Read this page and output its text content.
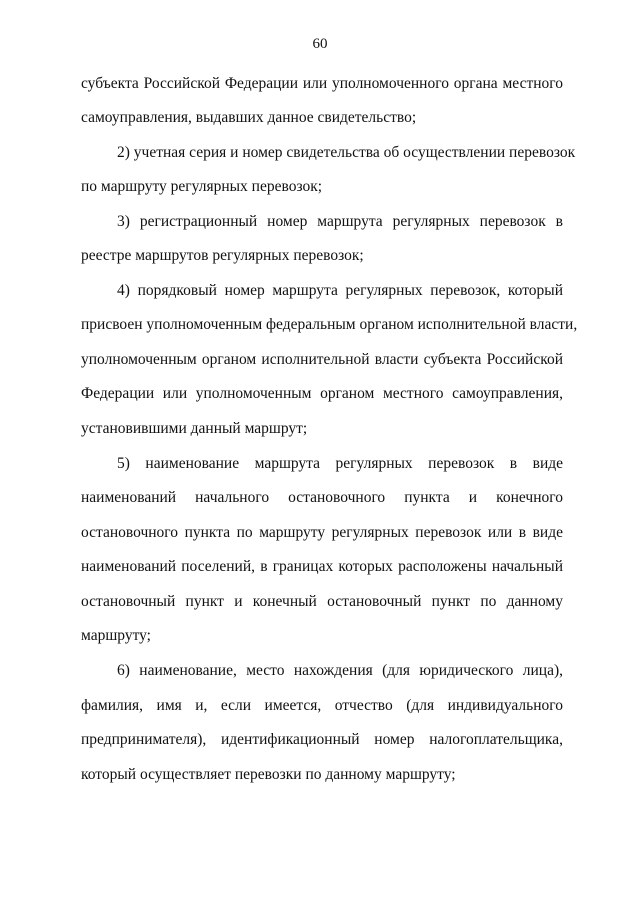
60
субъекта Российской Федерации или уполномоченного органа местного
самоуправления, выдавших данное свидетельство;
2) учетная серия и номер свидетельства об осуществлении перевозок
по маршруту регулярных перевозок;
3) регистрационный номер маршрута регулярных перевозок в
реестре маршрутов регулярных перевозок;
4) порядковый номер маршрута регулярных перевозок, который
присвоен уполномоченным федеральным органом исполнительной власти,
уполномоченным органом исполнительной власти субъекта Российской
Федерации или уполномоченным органом местного самоуправления,
установившими данный маршрут;
5) наименование маршрута регулярных перевозок в виде
наименований начального остановочного пункта и конечного
остановочного пункта по маршруту регулярных перевозок или в виде
наименований поселений, в границах которых расположены начальный
остановочный пункт и конечный остановочный пункт по данному
маршруту;
6) наименование, место нахождения (для юридического лица),
фамилия, имя и, если имеется, отчество (для индивидуального
предпринимателя), идентификационный номер налогоплательщика,
который осуществляет перевозки по данному маршруту;
